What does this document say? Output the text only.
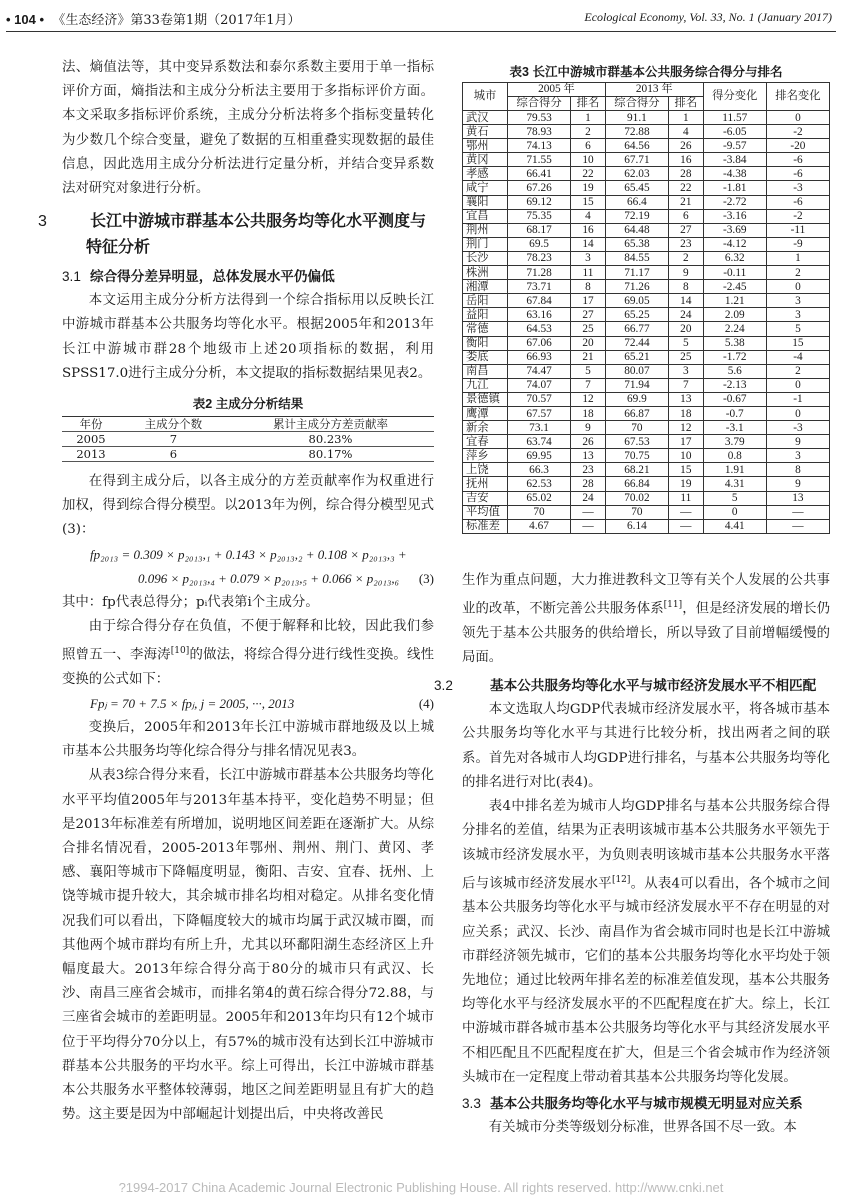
• 104 • 《生态经济》第33卷第1期（2017年1月）	Ecological Economy, Vol. 33, No. 1 (January 2017)

法、熵值法等，其中变异系数法和泰尔系数主要用于单一指标评价方面，熵指法和主成分分析法主要用于多指标评价方面。本文采取多指标评价系统，主成分分析法将多个指标变量转化为少数几个综合变量，避免了数据的互相重叠实现数据的最佳信息，因此选用主成分分析法进行定量分析，并结合变异系数法对研究对象进行分析。

3	长江中游城市群基本公共服务均等化水平测度与特征分析
3.1 综合得分差异明显，总体发展水平仍偏低

本文运用主成分分析方法得到一个综合指标用以反映长江中游城市群基本公共服务均等化水平。根据2005年和2013年长江中游城市群28个地级市上述20项指标的数据，利用SPSS17.0进行主成分分析，本文提取的指标数据结果见表2。

表2 主成分分析结果
年份	主成分个数	累计主成分方差贡献率
2005	7	80.23%
2013	6	80.17%

在得到主成分后，以各主成分的方差贡献率作为权重进行加权，得到综合得分模型。以2013年为例，综合得分模型见式(3)：

fp₂₀₁₃ = 0.309 × p₂₀₁₃,₁ + 0.143 × p₂₀₁₃,₂ + 0.108 × p₂₀₁₃,₃ +
0.096 × p₂₀₁₃,₄ + 0.079 × p₂₀₁₃,₅ + 0.066 × p₂₀₁₃,₆ (3)

其中：fp代表总得分；pᵢ代表第i个主成分。

由于综合得分存在负值，不便于解释和比较，因此我们参照曾五一、李海涛[10]的做法，将综合得分进行线性变换。线性变换的公式如下：

Fpⱼ = 70 + 7.5 × fpⱼ, j = 2005, ···, 2013	(4)

变换后，2005年和2013年长江中游城市群地级及以上城市基本公共服务均等化综合得分与排名情况见表3。

从表3综合得分来看，长江中游城市群基本公共服务均等化水平平均值2005年与2013年基本持平，变化趋势不明显；但是2013年标准差有所增加，说明地区间差距在逐渐扩大。从综合排名情况看，2005-2013年鄂州、荆州、荆门、黄冈、孝感、襄阳等城市下降幅度明显，衡阳、吉安、宜春、抚州、上饶等城市提升较大，其余城市排名均相对稳定。从排名变化情况我们可以看出，下降幅度较大的城市均属于武汉城市圈，而其他两个城市群均有所上升，尤其以环鄱阳湖生态经济区上升幅度最大。2013年综合得分高于80分的城市只有武汉、长沙、南昌三座省会城市，而排名第4的黄石综合得分72.88，与三座省会城市的差距明显。2005年和2013年均只有12个城市位于平均得分70分以上，有57%的城市没有达到长江中游城市群基本公共服务的平均水平。综上可得出，长江中游城市群基本公共服务水平整体较薄弱，地区之间差距明显且有扩大的趋势。这主要是因为中部崛起计划提出后，中央将改善民

表3 长江中游城市群基本公共服务综合得分与排名
城市	2005 年		2013 年		得分变化	排名变化
	综合得分	排名	综合得分	排名		
武汉	79.53	1	91.1	1	11.57	0
黄石	78.93	2	72.88	4	-6.05	-2
鄂州	74.13	6	64.56	26	-9.57	-20
黄冈	71.55	10	67.71	16	-3.84	-6
孝感	66.41	22	62.03	28	-4.38	-6
咸宁	67.26	19	65.45	22	-1.81	-3
襄阳	69.12	15	66.4	21	-2.72	-6
宜昌	75.35	4	72.19	6	-3.16	-2
荆州	68.17	16	64.48	27	-3.69	-11
荆门	69.5	14	65.38	23	-4.12	-9
长沙	78.23	3	84.55	2	6.32	1
株洲	71.28	11	71.17	9	-0.11	2
湘潭	73.71	8	71.26	8	-2.45	0
岳阳	67.84	17	69.05	14	1.21	3
益阳	63.16	27	65.25	24	2.09	3
常德	64.53	25	66.77	20	2.24	5
衡阳	67.06	20	72.44	5	5.38	15
娄底	66.93	21	65.21	25	-1.72	-4
南昌	74.47	5	80.07	3	5.6	2
九江	74.07	7	71.94	7	-2.13	0
景德镇	70.57	12	69.9	13	-0.67	-1
鹰潭	67.57	18	66.87	18	-0.7	0
新余	73.1	9	70	12	-3.1	-3
宜春	63.74	26	67.53	17	3.79	9
萍乡	69.95	13	70.75	10	0.8	3
上饶	66.3	23	68.21	15	1.91	8
抚州	62.53	28	66.84	19	4.31	9
吉安	65.02	24	70.02	11	5	13
平均值	70	—	70	—	0	—
标准差	4.67	—	6.14	—	4.41	—

生作为重点问题，大力推进教科文卫等有关个人发展的公共事业的改革，不断完善公共服务体系[11]，但是经济发展的增长仍领先于基本公共服务的供给增长，所以导致了目前增幅缓慢的局面。

3.2	基本公共服务均等化水平与城市经济发展水平不相匹配

本文选取人均GDP代表城市经济发展水平，将各城市基本公共服务均等化水平与其进行比较分析，找出两者之间的联系。首先对各城市人均GDP进行排名，与基本公共服务均等化的排名进行对比(表4)。

表4中排名差为城市人均GDP排名与基本公共服务综合得分排名的差值，结果为正表明该城市基本公共服务水平领先于该城市经济发展水平，为负则表明该城市基本公共服务水平落后与该城市经济发展水平[12]。从表4可以看出，各个城市之间基本公共服务均等化水平与城市经济发展水平不存在明显的对应关系；武汉、长沙、南昌作为省会城市同时也是长江中游城市群经济领先城市，它们的基本公共服务均等化水平均处于领先地位；通过比较两年排名差的标准差值发现，基本公共服务均等化水平与经济发展水平的不匹配程度在扩大。综上，长江中游城市群各城市基本公共服务均等化水平与其经济发展水平不相匹配且不匹配程度在扩大，但是三个省会城市作为经济领头城市在一定程度上带动着其基本公共服务均等化发展。

3.3 基本公共服务均等化水平与城市规模无明显对应关系

有关城市分类等级划分标准，世界各国不尽一致。本

?1994-2017 China Academic Journal Electronic Publishing House. All rights reserved. http://www.cnki.net
